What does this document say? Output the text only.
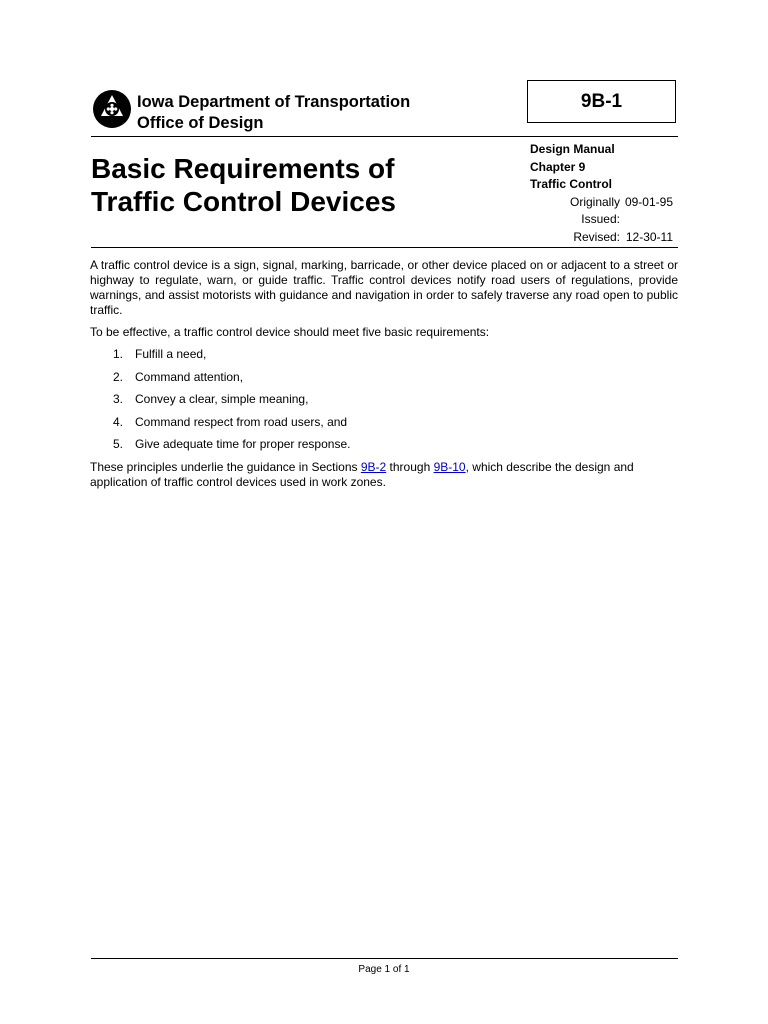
Iowa Department of Transportation
Office of Design
9B-1
Basic Requirements of
Traffic Control Devices
Design Manual
Chapter 9
Traffic Control
Originally Issued:
09-01-95
Revised: 12-30-11

A traffic control device is a sign, signal, marking, barricade, or other device placed on or adjacent to a street or highway to regulate, warn, or guide traffic. Traffic control devices notify road users of regulations, provide warnings, and assist motorists with guidance and navigation in order to safely traverse any road open to public traffic.

To be effective, a traffic control device should meet five basic requirements:

1.	Fulfill a need,
2.	Command attention,
3.	Convey a clear, simple meaning,
4.	Command respect from road users, and
5.	Give adequate time for proper response.

These principles underlie the guidance in Sections 9B-2 through 9B-10, which describe the design and application of traffic control devices used in work zones.

Page 1 of 1
